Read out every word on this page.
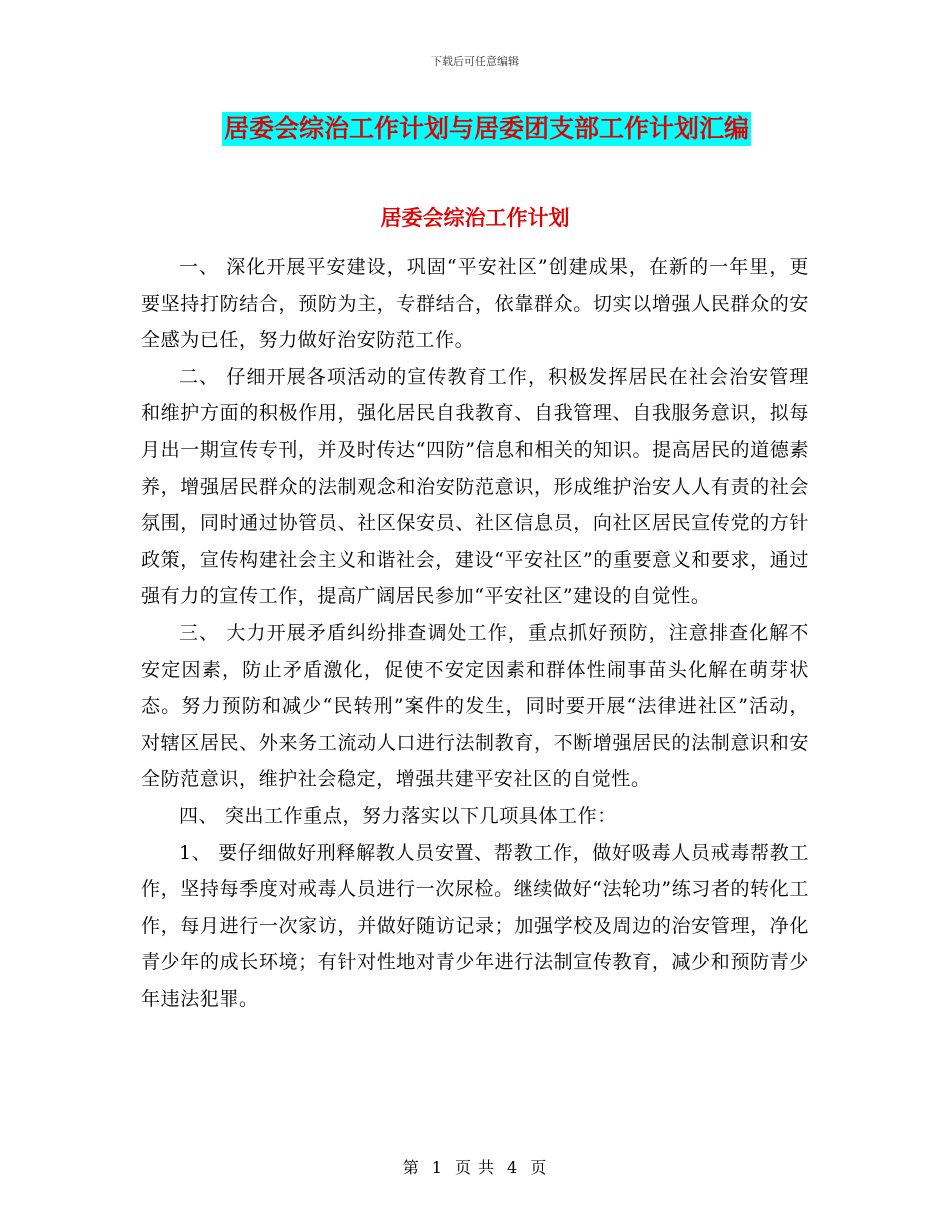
下载后可任意编辑
居委会综治工作计划与居委团支部工作计划汇编
居委会综治工作计划

一、 深化开展平安建设，巩固“平安社区”创建成果，在新的一年里，更要坚持打防结合，预防为主，专群结合，依靠群众。切实以增强人民群众的安全感为已任，努力做好治安防范工作。

二、 仔细开展各项活动的宣传教育工作，积极发挥居民在社会治安管理和维护方面的积极作用，强化居民自我教育、自我管理、自我服务意识，拟每月出一期宣传专刊，并及时传达“四防”信息和相关的知识。提高居民的道德素养，增强居民群众的法制观念和治安防范意识，形成维护治安人人有责的社会氛围，同时通过协管员、社区保安员、社区信息员，向社区居民宣传党的方针政策，宣传构建社会主义和谐社会，建设“平安社区”的重要意义和要求，通过强有力的宣传工作，提高广阔居民参加“平安社区”建设的自觉性。

三、 大力开展矛盾纠纷排查调处工作，重点抓好预防，注意排查化解不安定因素，防止矛盾激化，促使不安定因素和群体性闹事苗头化解在萌芽状态。努力预防和减少“民转刑”案件的发生，同时要开展“法律进社区”活动，对辖区居民、外来务工流动人口进行法制教育，不断增强居民的法制意识和安全防范意识，维护社会稳定，增强共建平安社区的自觉性。

四、 突出工作重点，努力落实以下几项具体工作：

1、 要仔细做好刑释解教人员安置、帮教工作，做好吸毒人员戒毒帮教工作，坚持每季度对戒毒人员进行一次尿检。继续做好“法轮功”练习者的转化工作，每月进行一次家访，并做好随访记录；加强学校及周边的治安管理，净化青少年的成长环境；有针对性地对青少年进行法制宣传教育，减少和预防青少年违法犯罪。

第 1 页 共 4 页
